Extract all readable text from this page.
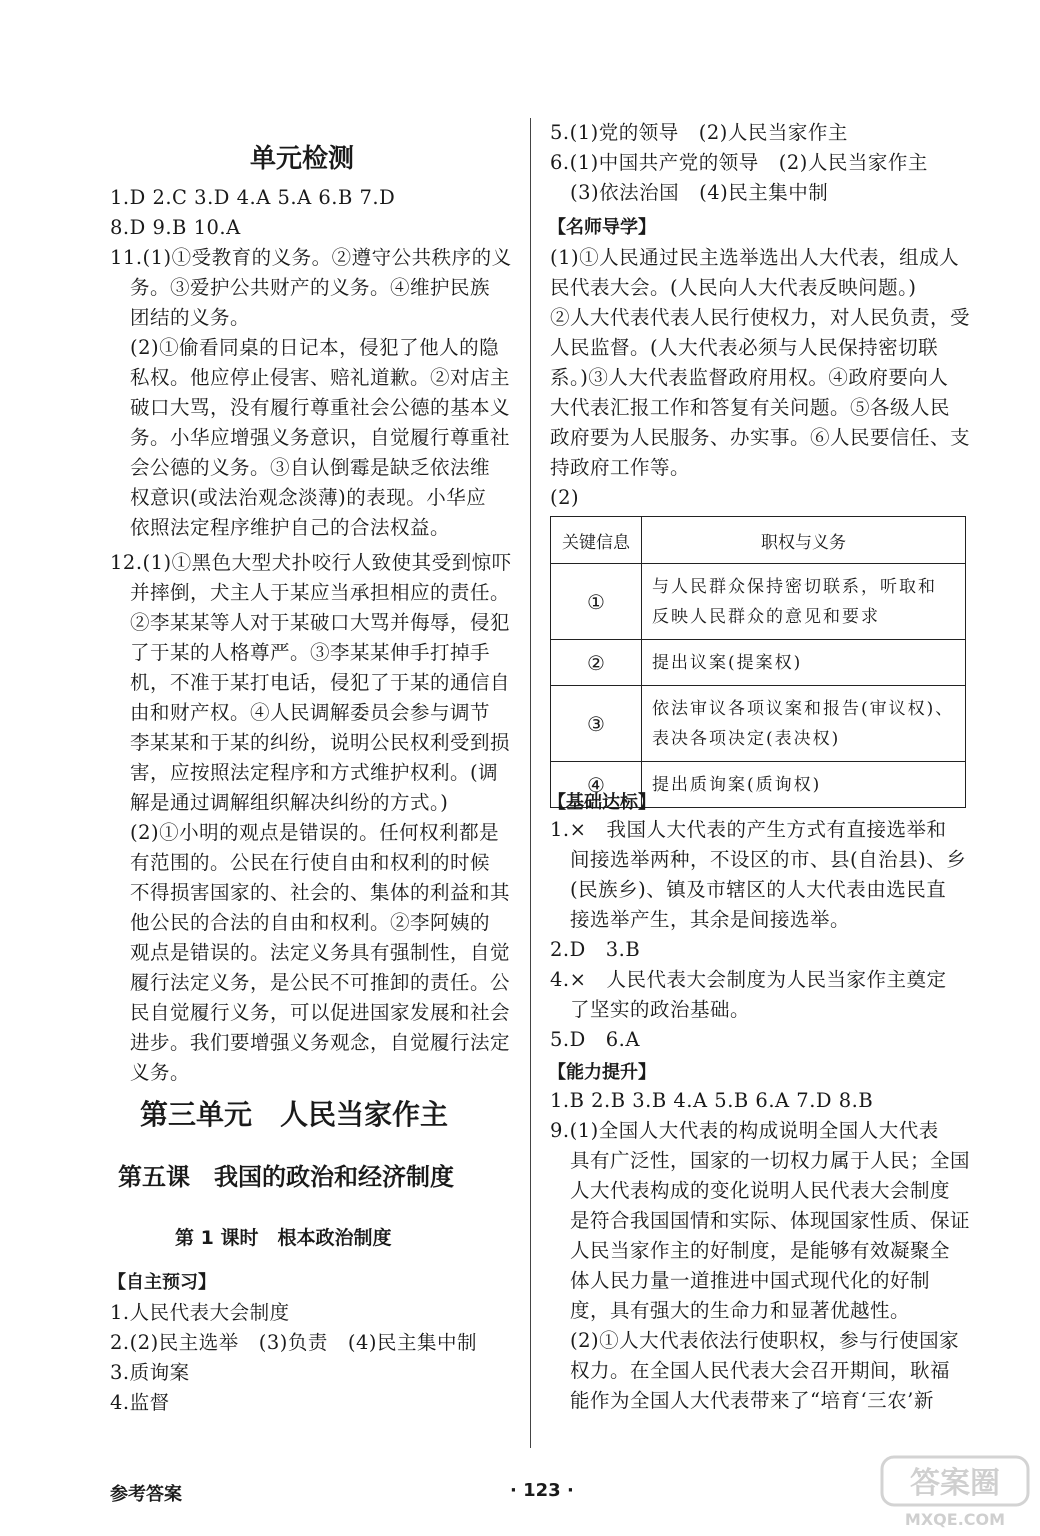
单元检测
1.D 2.C 3.D 4.A 5.A 6.B 7.D
8.D 9.B 10.A
11.(1)①受教育的义务。②遵守公共秩序的义
务。③爱护公共财产的义务。④维护民族
团结的义务。
(2)①偷看同桌的日记本，侵犯了他人的隐
私权。他应停止侵害、赔礼道歉。②对店主
破口大骂，没有履行尊重社会公德的基本义
务。小华应增强义务意识，自觉履行尊重社
会公德的义务。③自认倒霉是缺乏依法维
权意识(或法治观念淡薄)的表现。小华应
依照法定程序维护自己的合法权益。
12.(1)①黑色大型犬扑咬行人致使其受到惊吓
并摔倒，犬主人于某应当承担相应的责任。
②李某某等人对于某破口大骂并侮辱，侵犯
了于某的人格尊严。③李某某伸手打掉手
机，不准于某打电话，侵犯了于某的通信自
由和财产权。④人民调解委员会参与调节
李某某和于某的纠纷，说明公民权利受到损
害，应按照法定程序和方式维护权利。(调
解是通过调解组织解决纠纷的方式。)
(2)①小明的观点是错误的。任何权利都是
有范围的。公民在行使自由和权利的时候
不得损害国家的、社会的、集体的利益和其
他公民的合法的自由和权利。②李阿姨的
观点是错误的。法定义务具有强制性，自觉
履行法定义务，是公民不可推卸的责任。公
民自觉履行义务，可以促进国家发展和社会
进步。我们要增强义务观念，自觉履行法定
义务。
第三单元　人民当家作主
第五课　我国的政治和经济制度
第 1 课时　根本政治制度
【自主预习】
1.人民代表大会制度
2.(2)民主选举　(3)负责　(4)民主集中制
3.质询案
4.监督
5.(1)党的领导　(2)人民当家作主
6.(1)中国共产党的领导　(2)人民当家作主
(3)依法治国　(4)民主集中制
【名师导学】
(1)①人民通过民主选举选出人大代表，组成人
民代表大会。(人民向人大代表反映问题。)
②人大代表代表人民行使权力，对人民负责，受
人民监督。(人大代表必须与人民保持密切联
系。)③人大代表监督政府用权。④政府要向人
大代表汇报工作和答复有关问题。⑤各级人民
政府要为人民服务、办实事。⑥人民要信任、支
持政府工作等。
(2)
关键信息	职权与义务
①	与人民群众保持密切联系，听取和反映人民群众的意见和要求
②	提出议案(提案权)
③	依法审议各项议案和报告(审议权)、表决各项决定(表决权)
④	提出质询案(质询权)
【基础达标】
1.×　我国人大代表的产生方式有直接选举和
间接选举两种，不设区的市、县(自治县)、乡
(民族乡)、镇及市辖区的人大代表由选民直
接选举产生，其余是间接选举。
2.D　3.B
4.×　人民代表大会制度为人民当家作主奠定
了坚实的政治基础。
5.D　6.A
【能力提升】
1.B 2.B 3.B 4.A 5.B 6.A 7.D 8.B
9.(1)全国人大代表的构成说明全国人大代表
具有广泛性，国家的一切权力属于人民；全国
人大代表构成的变化说明人民代表大会制度
是符合我国国情和实际、体现国家性质、保证
人民当家作主的好制度，是能够有效凝聚全
体人民力量一道推进中国式现代化的好制
度，具有强大的生命力和显著优越性。
(2)①人大代表依法行使职权，参与行使国家
权力。在全国人民代表大会召开期间，耿福
能作为全国人大代表带来了“培育‘三农’新
参考答案	· 123 ·	答案圈
MXQE.COM
